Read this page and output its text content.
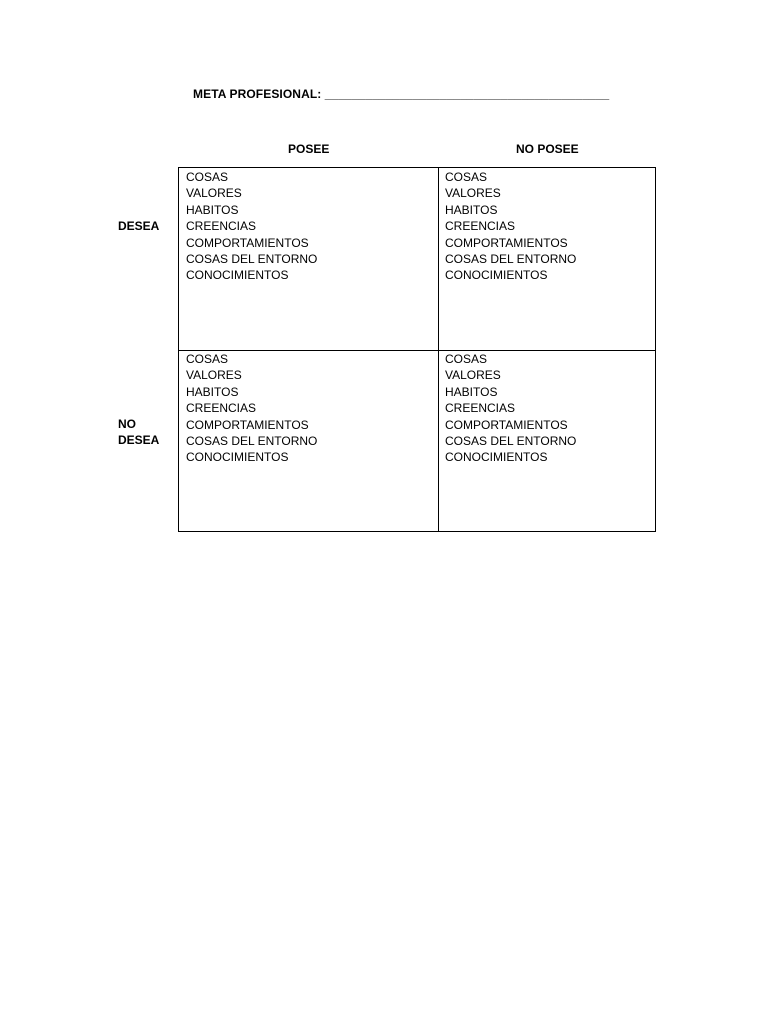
META PROFESIONAL: __________________________________________
POSEE	NO POSEE
DESEA
NO
DESEA
COSAS
VALORES
HABITOS
CREENCIAS
COMPORTAMIENTOS
COSAS DEL ENTORNO
CONOCIMIENTOS
COSAS
VALORES
HABITOS
CREENCIAS
COMPORTAMIENTOS
COSAS DEL ENTORNO
CONOCIMIENTOS
COSAS
VALORES
HABITOS
CREENCIAS
COMPORTAMIENTOS
COSAS DEL ENTORNO
CONOCIMIENTOS
COSAS
VALORES
HABITOS
CREENCIAS
COMPORTAMIENTOS
COSAS DEL ENTORNO
CONOCIMIENTOS
